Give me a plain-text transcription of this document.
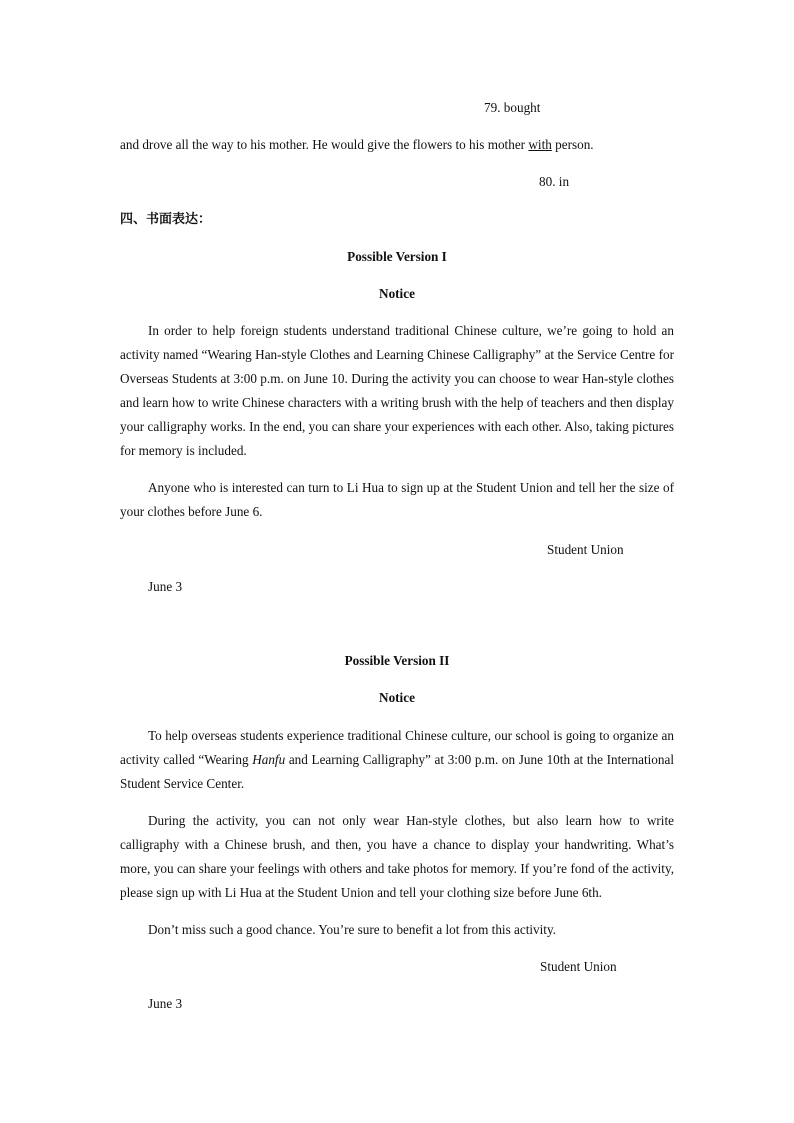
79. bought
and drove all the way to his mother. He would give the flowers to his mother with person.
80. in
四、书面表达：
Possible Version I
Notice

In order to help foreign students understand traditional Chinese culture, we’re going to hold an activity named “Wearing Han-style Clothes and Learning Chinese Calligraphy” at the Service Centre for Overseas Students at 3:00 p.m. on June 10. During the activity you can choose to wear Han-style clothes and learn how to write Chinese characters with a writing brush with the help of teachers and then display your calligraphy works. In the end, you can share your experiences with each other. Also, taking pictures for memory is included.

Anyone who is interested can turn to Li Hua to sign up at the Student Union and tell her the size of your clothes before June 6.

Student Union
June 3
Possible Version II
Notice

To help overseas students experience traditional Chinese culture, our school is going to organize an activity called “Wearing Hanfu and Learning Calligraphy” at 3:00 p.m. on June 10th at the International Student Service Center.

During the activity, you can not only wear Han-style clothes, but also learn how to write calligraphy with a Chinese brush, and then, you have a chance to display your handwriting. What’s more, you can share your feelings with others and take photos for memory. If you’re fond of the activity, please sign up with Li Hua at the Student Union and tell your clothing size before June 6th.

Don’t miss such a good chance. You’re sure to benefit a lot from this activity.

Student Union
June 3
